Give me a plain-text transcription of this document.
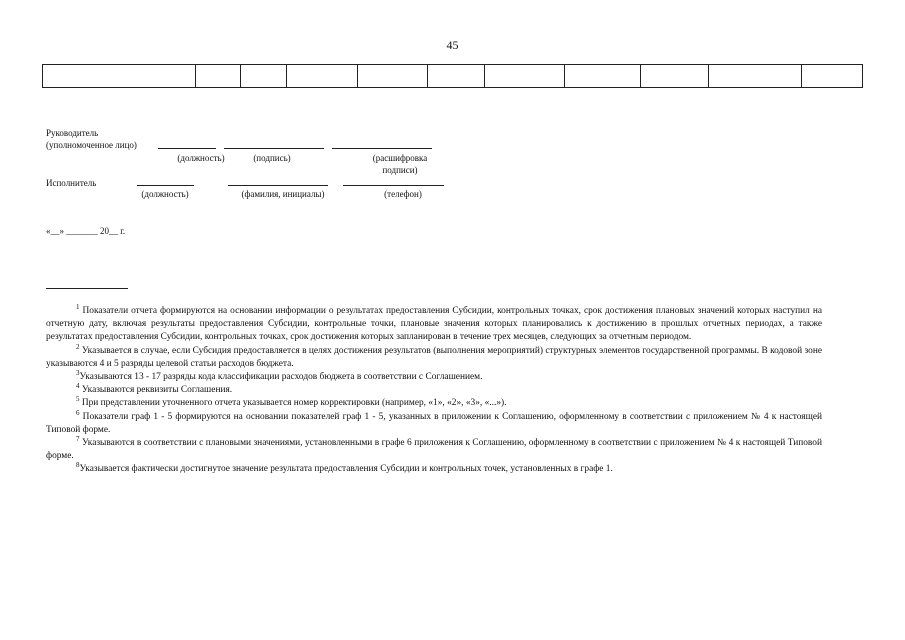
45

Руководитель
(уполномоченное лицо)
(должность)	(подпись)	(расшифровка
подписи)
Исполнитель
(должность)	(фамилия, инициалы)	(телефон)
«__» _______ 20__ г.

$^1$ Показатели отчета формируются на основании информации о результатах предоставления Субсидии, контрольных точках, срок достижения плановых значений которых наступил на отчетную дату, включая результаты предоставления Субсидии, контрольные точки, плановые значения которых планировались к достижению в прошлых отчетных периодах, а также результатах предоставления Субсидии, контрольных точках, срок достижения которых запланирован в течение трех месяцев, следующих за отчетным периодом.

$^2$ Указывается в случае, если Субсидия предоставляется в целях достижения результатов (выполнения мероприятий) структурных элементов государственной программы. В кодовой зоне указываются 4 и 5 разряды целевой статьи расходов бюджета.

$^3$Указываются 13 - 17 разряды кода классификации расходов бюджета в соответствии с Соглашением.

$^4$ Указываются реквизиты Соглашения.

$^5$ При представлении уточненного отчета указывается номер корректировки (например, «1», «2», «3», «...»).

$^6$ Показатели граф 1 - 5 формируются на основании показателей граф 1 - 5, указанных в приложении к Соглашению, оформленному в соответствии с приложением № 4 к настоящей Типовой форме.

$^7$ Указываются в соответствии с плановыми значениями, установленными в графе 6 приложения к Соглашению, оформленному в соответствии с приложением № 4 к настоящей Типовой форме.

$^8$Указывается фактически достигнутое значение результата предоставления Субсидии и контрольных точек, установленных в графе 1.
